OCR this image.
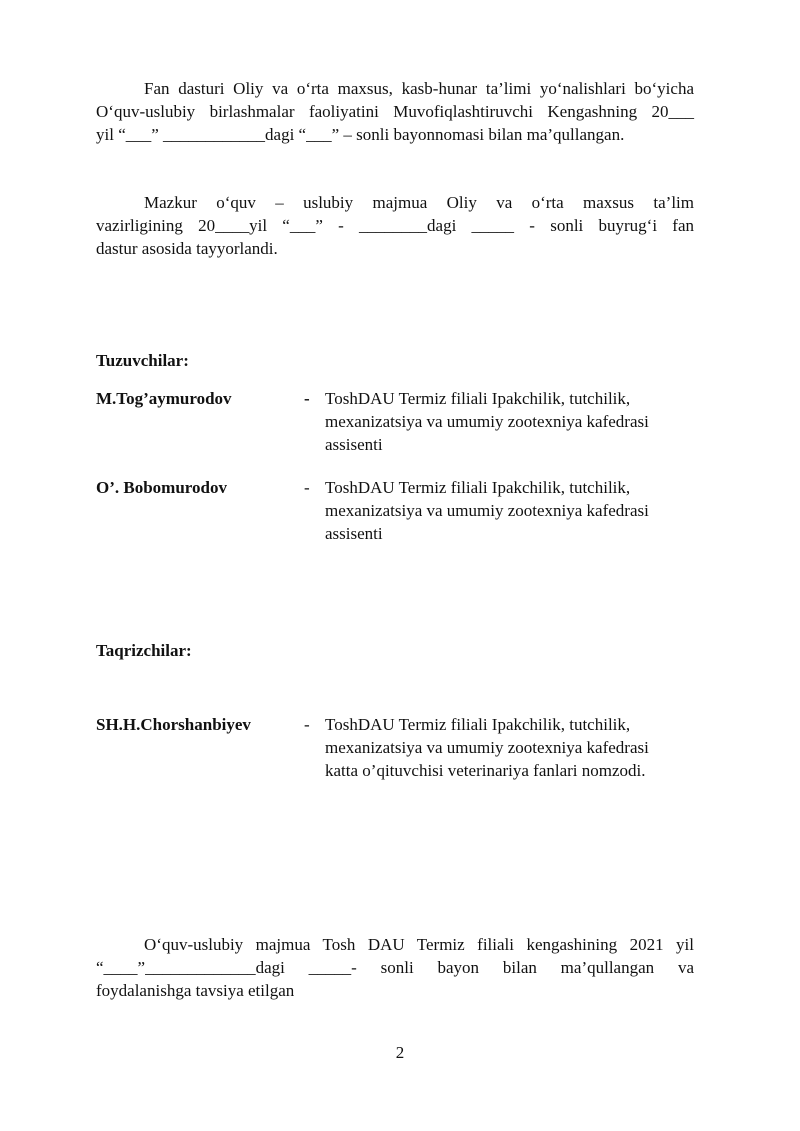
Fan dasturi Oliy va o‘rta maxsus, kasb-hunar ta’limi yo‘nalishlari bo‘yicha
O‘quv-uslubiy birlashmalar faoliyatini Muvofiqlashtiruvchi Kengashning 20___
yil “___” ____________dagi “___” – sonli bayonnomasi bilan ma’qullangan.
Mazkur o‘quv – uslubiy majmua Oliy va o‘rta maxsus ta’lim
vazirligining 20____yil “___” - ________dagi _____ - sonli buyrug‘i fan
dastur asosida tayyorlandi.
Tuzuvchilar:
M.Tog’aymurodov	- ToshDAU Termiz filiali Ipakchilik, tutchilik,
mexanizatsiya va umumiy zootexniya kafedrasi
assisenti
O’. Bobomurodov	- ToshDAU Termiz filiali Ipakchilik, tutchilik,
mexanizatsiya va umumiy zootexniya kafedrasi
assisenti
Taqrizchilar:
SH.H.Chorshanbiyev	- ToshDAU Termiz filiali Ipakchilik, tutchilik,
mexanizatsiya va umumiy zootexniya kafedrasi
katta o’qituvchisi veterinariya fanlari nomzodi.
O‘quv-uslubiy majmua Tosh DAU Termiz filiali kengashining 2021 yil
“____”_____________dagi _____- sonli bayon bilan ma’qullangan va
foydalanishga tavsiya etilgan
2
